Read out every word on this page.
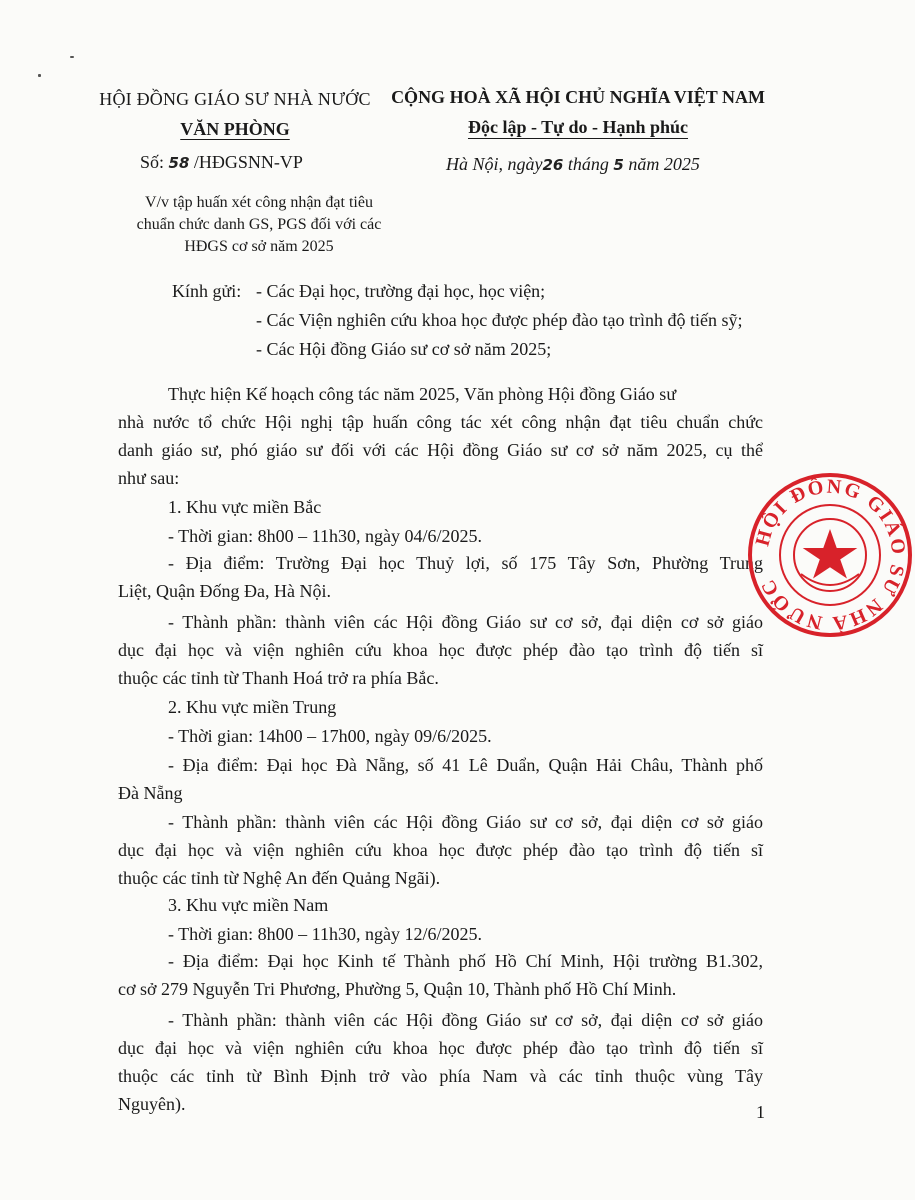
HỘI ĐỒNG GIÁO SƯ NHÀ NƯỚC
VĂN PHÒNG
CỘNG HOÀ XÃ HỘI CHỦ NGHĨA VIỆT NAM
Độc lập - Tự do - Hạnh phúc
Số: 58 /HĐGSNN-VP	Hà Nội, ngày26 tháng 5 năm 2025
V/v tập huấn xét công nhận đạt tiêu
chuẩn chức danh GS, PGS đối với các
HĐGS cơ sở năm 2025
Kính gửi: - Các Đại học, trường đại học, học viện;
- Các Viện nghiên cứu khoa học được phép đào tạo trình độ tiến sỹ;
- Các Hội đồng Giáo sư cơ sở năm 2025;
Thực hiện Kế hoạch công tác năm 2025, Văn phòng Hội đồng Giáo sư
nhà nước tổ chức Hội nghị tập huấn công tác xét công nhận đạt tiêu chuẩn chức
danh giáo sư, phó giáo sư đối với các Hội đồng Giáo sư cơ sở năm 2025, cụ thể
như sau:
1. Khu vực miền Bắc
- Thời gian: 8h00 – 11h30, ngày 04/6/2025.
- Địa điểm: Trường Đại học Thuỷ lợi, số 175 Tây Sơn, Phường Trung
Liệt, Quận Đống Đa, Hà Nội.
- Thành phần: thành viên các Hội đồng Giáo sư cơ sở, đại diện cơ sở giáo
dục đại học và viện nghiên cứu khoa học được phép đào tạo trình độ tiến sĩ
thuộc các tỉnh từ Thanh Hoá trở ra phía Bắc.
2. Khu vực miền Trung
- Thời gian: 14h00 – 17h00, ngày 09/6/2025.
- Địa điểm: Đại học Đà Nẵng, số 41 Lê Duẩn, Quận Hải Châu, Thành phố
Đà Nẵng
- Thành phần: thành viên các Hội đồng Giáo sư cơ sở, đại diện cơ sở giáo
dục đại học và viện nghiên cứu khoa học được phép đào tạo trình độ tiến sĩ
thuộc các tỉnh từ Nghệ An đến Quảng Ngãi).
3. Khu vực miền Nam
- Thời gian: 8h00 – 11h30, ngày 12/6/2025.
- Địa điểm: Đại học Kinh tế Thành phố Hồ Chí Minh, Hội trường B1.302,
cơ sở 279 Nguyễn Tri Phương, Phường 5, Quận 10, Thành phố Hồ Chí Minh.
- Thành phần: thành viên các Hội đồng Giáo sư cơ sở, đại diện cơ sở giáo
dục đại học và viện nghiên cứu khoa học được phép đào tạo trình độ tiến sĩ
thuộc các tỉnh từ Bình Định trở vào phía Nam và các tỉnh thuộc vùng Tây
Nguyên).	1
HỘI ĐỒNG GIÁO SƯ NHÀ NƯỚC
